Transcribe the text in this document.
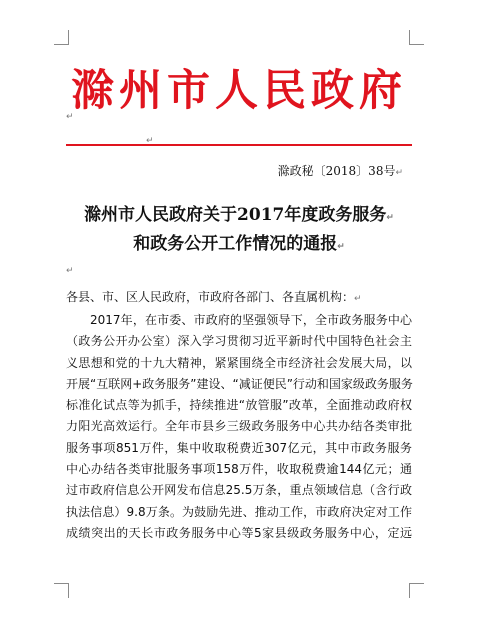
滁州市人民政府
↵
↵
滁政秘〔2018〕38号↵
滁州市人民政府关于2017年度政务服务↵
和政务公开工作情况的通报↵
↵
各县、市、区人民政府，市政府各部门、各直属机构：↵
2017年，在市委、市政府的坚强领导下，全市政务服务中心
（政务公开办公室）深入学习贯彻习近平新时代中国特色社会主
义思想和党的十九大精神，紧紧围绕全市经济社会发展大局，以
开展“互联网+政务服务”建设、“减证便民”行动和国家级政务服务
标准化试点等为抓手，持续推进“放管服”改革，全面推动政府权
力阳光高效运行。全年市县乡三级政务服务中心共办结各类审批
服务事项851万件，集中收取税费近307亿元，其中市政务服务
中心办结各类审批服务事项158万件，收取税费逾144亿元；通
过市政府信息公开网发布信息25.5万条，重点领域信息（含行政
执法信息）9.8万条。为鼓励先进、推动工作，市政府决定对工作
成绩突出的天长市政务服务中心等5家县级政务服务中心，定远
